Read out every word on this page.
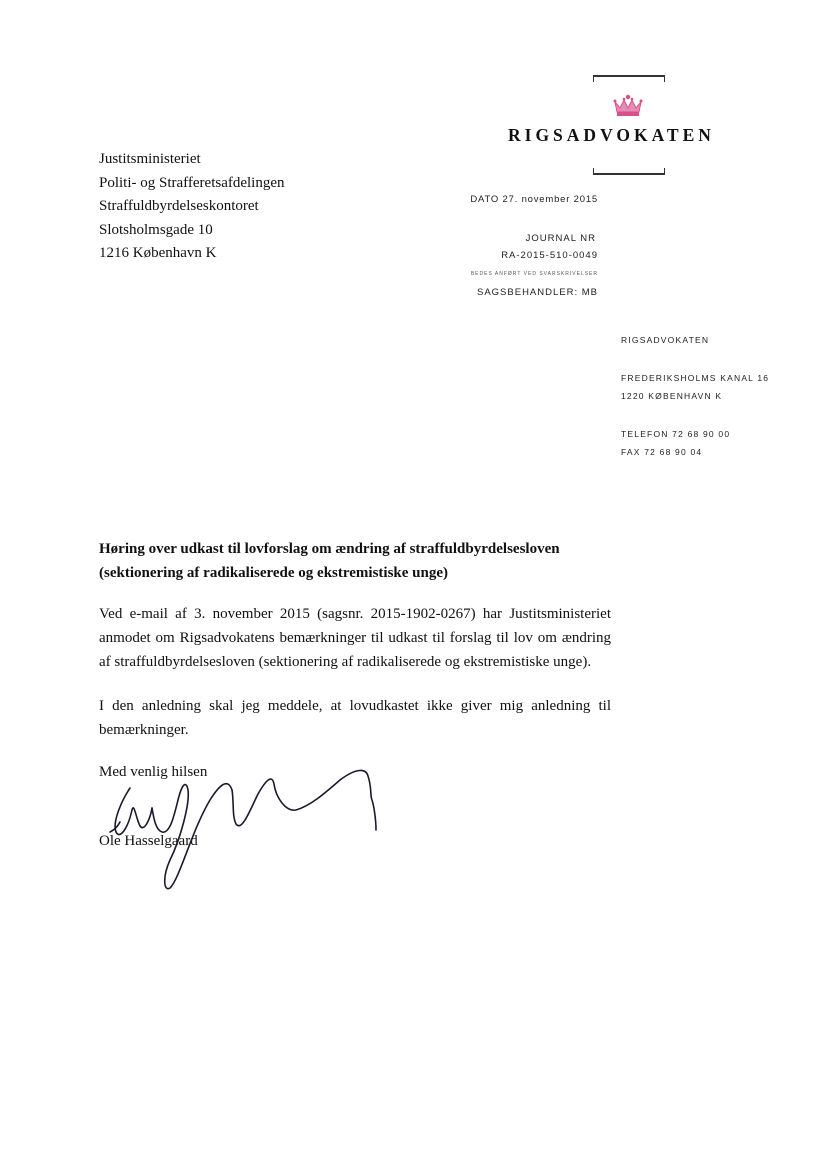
RIGSADVOKATEN
Justitsministeriet
Politi- og Strafferetsafdelingen
Straffuldbyrdelseskontoret
Slotsholmsgade 10
1216 København K
DATO 27. november 2015
JOURNAL NR
RA-2015-510-0049
BEDES ANFØRT VED SVARSKRIVELSER
SAGSBEHANDLER: MB
RIGSADVOKATEN
FREDERIKSHOLMS KANAL 16
1220 KØBENHAVN K
TELEFON 72 68 90 00
FAX 72 68 90 04
Høring over udkast til lovforslag om ændring af straffuldbyrdelsesloven (sektionering af radikaliserede og ekstremistiske unge)
Ved e-mail af 3. november 2015 (sagsnr. 2015-1902-0267) har Justitsministeriet anmodet om Rigsadvokatens bemærkninger til udkast til forslag til lov om ændring af straffuldbyrdelsesloven (sektionering af radikaliserede og ekstremistiske unge).
I den anledning skal jeg meddele, at lovudkastet ikke giver mig anledning til bemærkninger.
Med venlig hilsen
Ole Hasselgaard
